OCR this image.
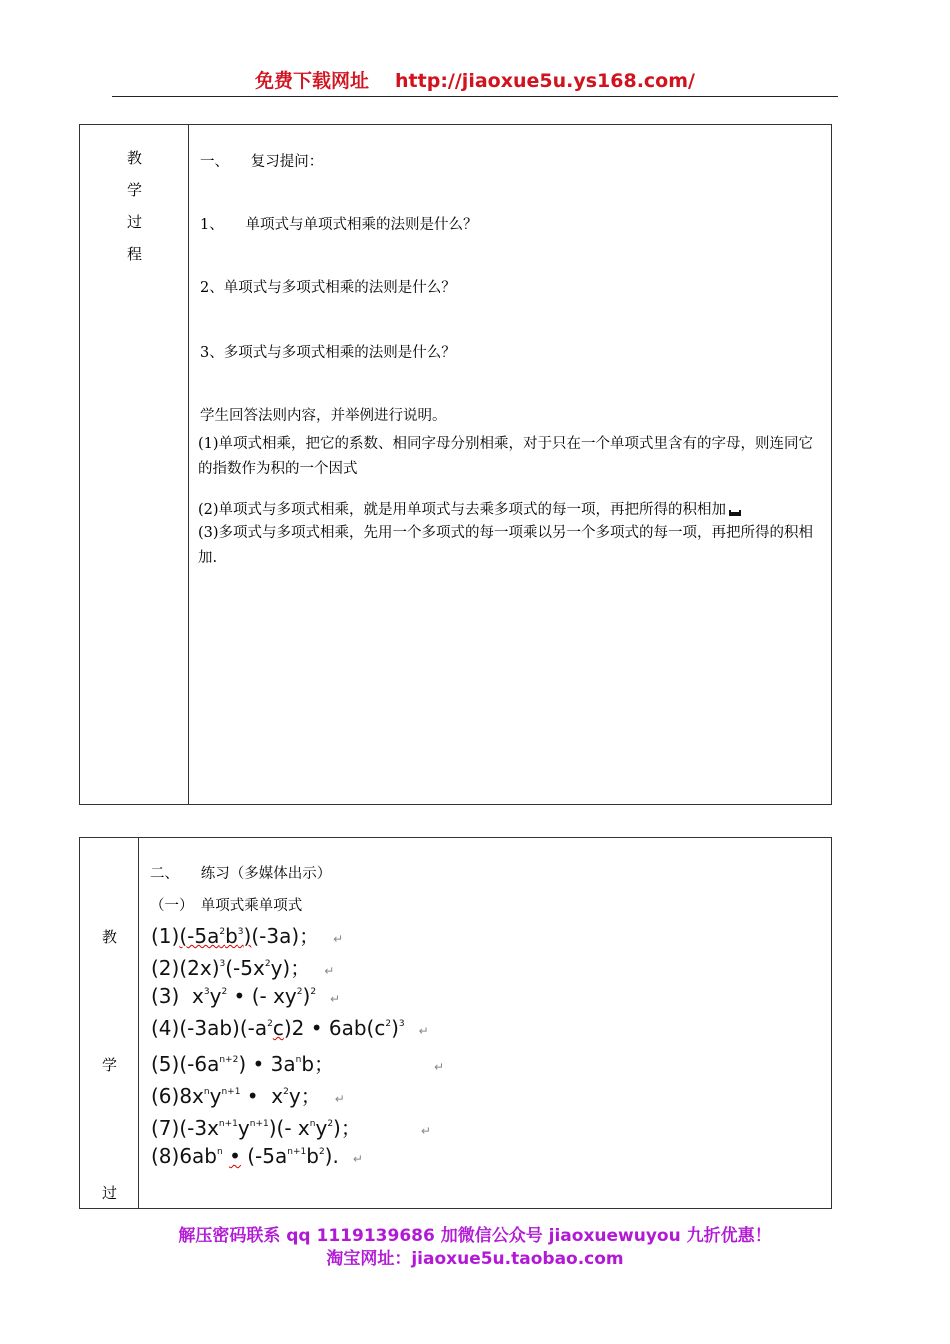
免费下载网址 http://jiaoxue5u.ys168.com/
教
学
过
程
一、　　复习提问：
1、　　单项式与单项式相乘的法则是什么？
2、单项式与多项式相乘的法则是什么？
3、多项式与多项式相乘的法则是什么？
学生回答法则内容，并举例进行说明。
(1)单项式相乘，把它的系数、相同字母分别相乘，对于只在一个单项式里含有的字母，则连同它的指数作为积的一个因式
(2)单项式与多项式相乘，就是用单项式与去乘多项式的每一项，再把所得的积相加
(3)多项式与多项式相乘，先用一个多项式的每一项乘以另一个多项式的每一项，再把所得的积相加.
教
学
过
二、　　练习（多媒体出示）
（一）　单项式乘单项式
$(1)(-5a^2b^3)(-3a)$； ↵
$(2)(2x)^3(-5x^2y)$； ↵
(3)  $x^3y^2$ • (- $xy^2)^2$ ↵
$(4)(-3ab)(-a^2c)2$ • $6ab(c^2)^3$ ↵
$(5)(-6a^{n+2})$ • $3a^nb$；	↵
$(6)8x^ny^{n+1}$ •  $x^2y$； ↵
$(7)(-3x^{n+1}y^{n+1})(-$ $x^ny^2$)；	↵
$(8)6ab^n$ • $(-5a^{n+1}b^2)$. ↵
解压密码联系 qq 1119139686 加微信公众号 jiaoxuewuyou 九折优惠！
淘宝网址：jiaoxue5u.taobao.com
